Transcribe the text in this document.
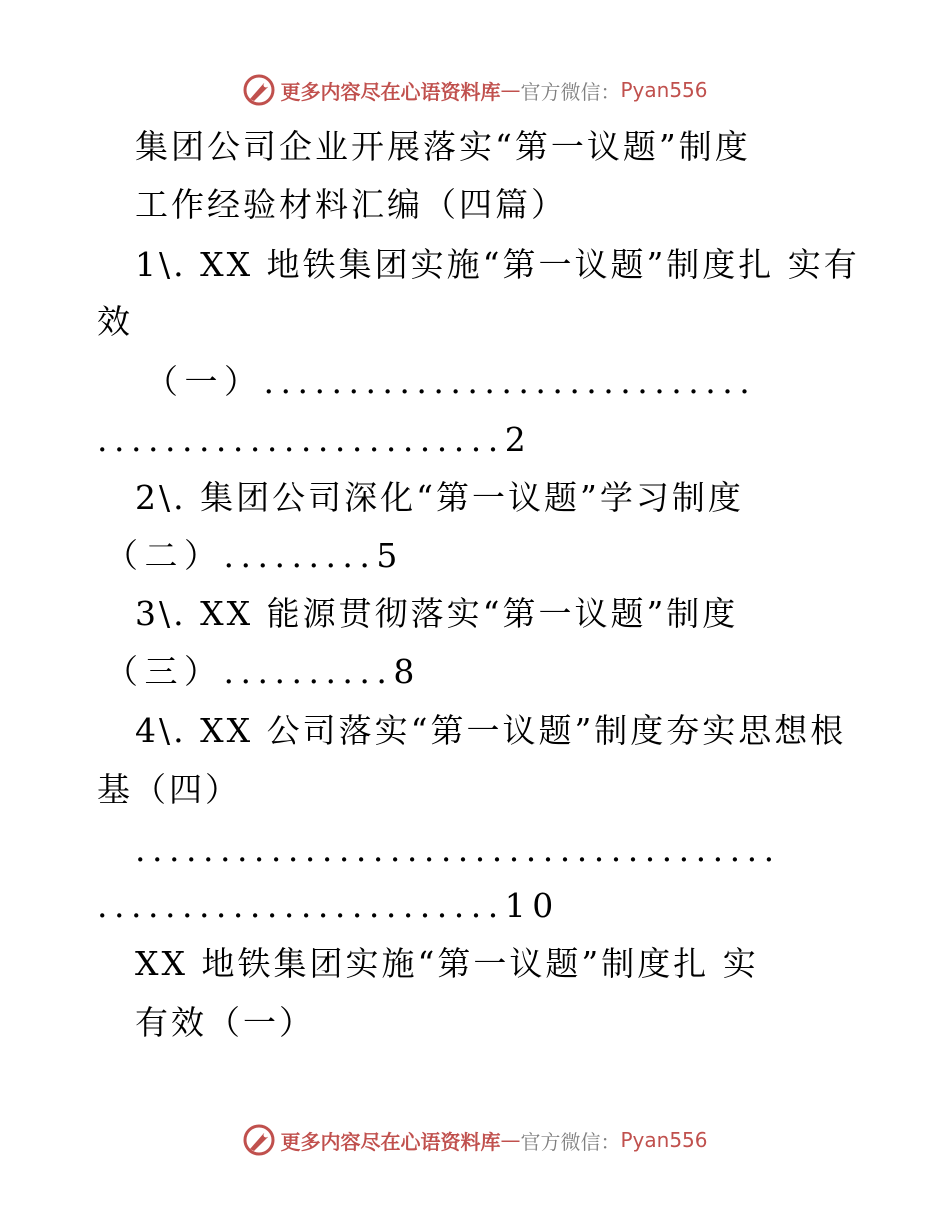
更多内容尽在心语资料库 — 官方微信： Pyan556
集团公司企业开展落实“第一议题”制度
工作经验材料汇编（四篇）
1\. XX 地铁集团实施“第一议题”制度扎 实有
效
（一）.............................
........................2
2\. 集团公司深化“第一议题”学习制度
（二）.........5
3\. XX 能源贯彻落实“第一议题”制度
（三）..........8
4\. XX 公司落实“第一议题”制度夯实思想根
基（四）
......................................
........................10
XX 地铁集团实施“第一议题”制度扎 实
有效（一）
更多内容尽在心语资料库 — 官方微信： Pyan556
